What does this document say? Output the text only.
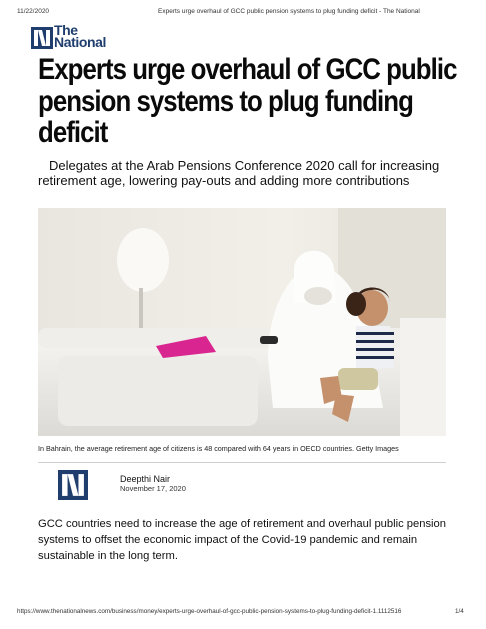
11/22/2020	Experts urge overhaul of GCC public pension systems to plug funding deficit - The National
The
National
Experts urge overhaul of GCC public pension systems to plug funding deficit
Delegates at the Arab Pensions Conference 2020 call for increasing retirement age, lowering pay-outs and adding more contributions
In Bahrain, the average retirement age of citizens is 48 compared with 64 years in OECD countries. Getty Images
Deepthi Nair
November 17, 2020
GCC countries need to increase the age of retirement and overhaul public pension systems to offset the economic impact of the Covid-19 pandemic and remain sustainable in the long term.
https://www.thenationalnews.com/business/money/experts-urge-overhaul-of-gcc-public-pension-systems-to-plug-funding-deficit-1.1112516	1/4
